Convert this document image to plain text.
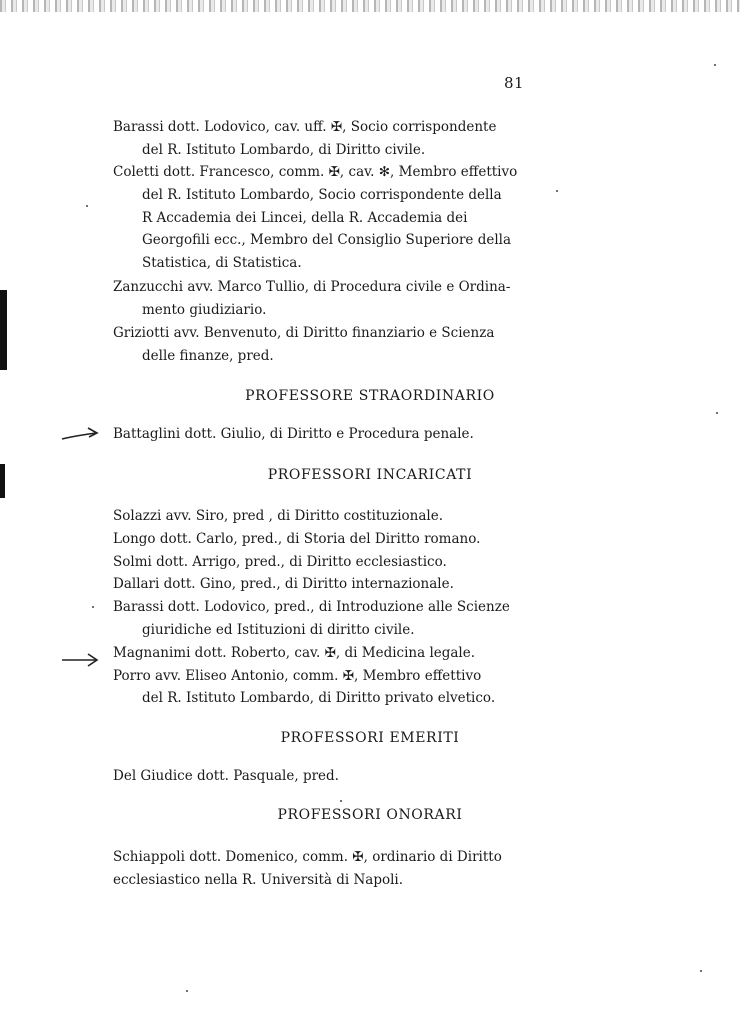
81
Barassi dott. Lodovico, cav. uff. ✠, Socio corrispondente
del R. Istituto Lombardo, di Diritto civile.
Coletti dott. Francesco, comm. ✠, cav. ✻, Membro effettivo
del R. Istituto Lombardo, Socio corrispondente della
R Accademia dei Lincei, della R. Accademia dei
Georgofili ecc., Membro del Consiglio Superiore della
Statistica, di Statistica.
Zanzucchi avv. Marco Tullio, di Procedura civile e Ordina-
mento giudiziario.
Griziotti avv. Benvenuto, di Diritto finanziario e Scienza
delle finanze, pred.
PROFESSORE STRAORDINARIO
Battaglini dott. Giulio, di Diritto e Procedura penale.
PROFESSORI INCARICATI
Solazzi avv. Siro, pred , di Diritto costituzionale.
Longo dott. Carlo, pred., di Storia del Diritto romano.
Solmi dott. Arrigo, pred., di Diritto ecclesiastico.
Dallari dott. Gino, pred., di Diritto internazionale.
Barassi dott. Lodovico, pred., di Introduzione alle Scienze
giuridiche ed Istituzioni di diritto civile.
Magnanimi dott. Roberto, cav. ✠, di Medicina legale.
Porro avv. Eliseo Antonio, comm. ✠, Membro effettivo
del R. Istituto Lombardo, di Diritto privato elvetico.
PROFESSORI EMERITI
Del Giudice dott. Pasquale, pred.
PROFESSORI ONORARI
Schiappoli dott. Domenico, comm. ✠, ordinario di Diritto
ecclesiastico nella R. Università di Napoli.
